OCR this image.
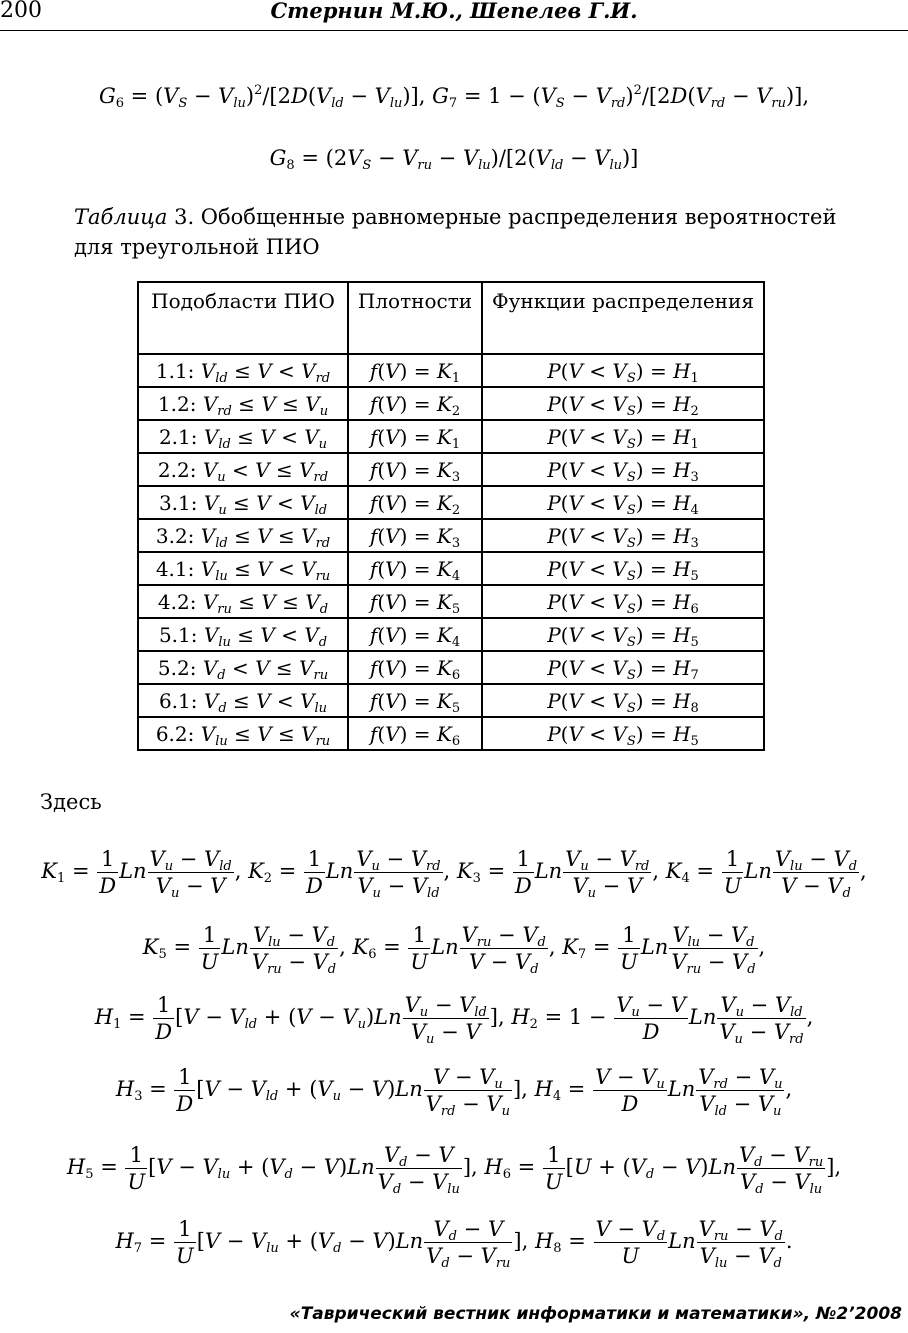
200	Стернин М.Ю., Шепелев Г.И.
$G_6 = (V_S - V_{lu})^2/[2D(V_{ld} - V_{lu})]$, $G_7 = 1 - (V_S - V_{rd})^2/[2D(V_{rd} - V_{ru})]$,
$G_8 = (2V_S - V_{ru} - V_{lu})/[2(V_{ld} - V_{lu})]$
Таблица 3. Обобщенные равномерные распределения вероятностей для треугольной ПИО
Подобласти ПИО	Плотности	Функции распределения
1.1: $V_{ld} \le V < V_{rd}$	$f(V) = K_1$	$P(V < V_S) = H_1$
1.2: $V_{rd} \le V \le V_u$	$f(V) = K_2$	$P(V < V_S) = H_2$
2.1: $V_{ld} \le V < V_u$	$f(V) = K_1$	$P(V < V_S) = H_1$
2.2: $V_u < V \le V_{rd}$	$f(V) = K_3$	$P(V < V_S) = H_3$
3.1: $V_u \le V < V_{ld}$	$f(V) = K_2$	$P(V < V_S) = H_4$
3.2: $V_{ld} \le V \le V_{rd}$	$f(V) = K_3$	$P(V < V_S) = H_3$
4.1: $V_{lu} \le V < V_{ru}$	$f(V) = K_4$	$P(V < V_S) = H_5$
4.2: $V_{ru} \le V \le V_d$	$f(V) = K_5$	$P(V < V_S) = H_6$
5.1: $V_{lu} \le V < V_d$	$f(V) = K_4$	$P(V < V_S) = H_5$
5.2: $V_d < V \le V_{ru}$	$f(V) = K_6$	$P(V < V_S) = H_7$
6.1: $V_d \le V < V_{lu}$	$f(V) = K_5$	$P(V < V_S) = H_8$
6.2: $V_{lu} \le V \le V_{ru}$	$f(V) = K_6$	$P(V < V_S) = H_5$
Здесь
$K_1 = \frac{1}{D}$ Ln $\frac{V_u - V_{ld}}{V_u - V}$ , $K_2 = \frac{1}{D}$ Ln $\frac{V_u - V_{rd}}{V_u - V_{ld}}$ , $K_3 = \frac{1}{D}$ Ln $\frac{V_u - V_{rd}}{V_u - V}$ , $K_4 = \frac{1}{U}$ Ln $\frac{V_{lu} - V_d}{V - V_d}$ ,
$K_5 = \frac{1}{U}$ Ln $\frac{V_{lu} - V_d}{V_{ru} - V_d}$ , $K_6 = \frac{1}{U}$ Ln $\frac{V_{ru} - V_d}{V - V_d}$ , $K_7 = \frac{1}{U}$ Ln $\frac{V_{lu} - V_d}{V_{ru} - V_d}$ ,
$H_1 = \frac{1}{D} [V - V_{ld} + (V - V_u)Ln \frac{V_u - V_{ld}}{V_u - V}$ ], $H_2 = 1 - \frac{V_u - V}{D}$ Ln $\frac{V_u - V_{ld}}{V_u - V_{rd}}$ ,
$H_3 = \frac{1}{D} [V - V_{ld} + (V_u - V)Ln \frac{V - V_u}{V_{rd} - V_u}$ ], $H_4 = \frac{V - V_u}{D}$ Ln $\frac{V_{rd} - V_u}{V_{ld} - V_u}$ ,
$H_5 = \frac{1}{U} [V - V_{lu} + (V_d - V)Ln \frac{V_d - V}{V_d - V_{lu}}$ ], $H_6 = \frac{1}{U} [U + (V_d - V)Ln \frac{V_d - V_{ru}}{V_d - V_{lu}}$ ],
$H_7 = \frac{1}{U} [V - V_{lu} + (V_d - V)Ln \frac{V_d - V}{V_d - V_{ru}}$ ], $H_8 = \frac{V - V_d}{U}$ Ln $\frac{V_{ru} - V_d}{V_{lu} - V_d}$ .
«Таврический вестник информатики и математики», №2’2008
